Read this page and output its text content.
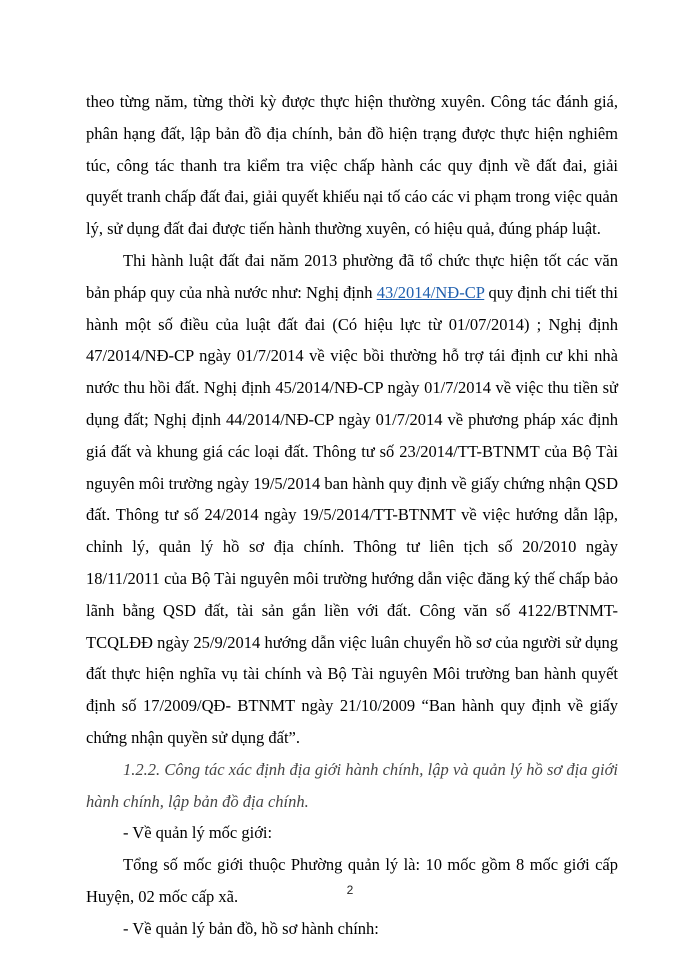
theo từng năm, từng thời kỳ được thực hiện thường xuyên. Công tác đánh giá, phân hạng đất, lập bản đồ địa chính, bản đồ hiện trạng được thực hiện nghiêm túc, công tác thanh tra kiểm tra việc chấp hành các quy định về đất đai, giải quyết tranh chấp đất đai, giải quyết khiếu nại tố cáo các vi phạm trong việc quản lý, sử dụng đất đai được tiến hành thường xuyên, có hiệu quả, đúng pháp luật.

Thi hành luật đất đai năm 2013 phường đã tổ chức thực hiện tốt các văn bản pháp quy của nhà nước như: Nghị định 43/2014/NĐ-CP quy định chi tiết thi hành một số điều của luật đất đai (Có hiệu lực từ 01/07/2014) ; Nghị định 47/2014/NĐ-CP ngày 01/7/2014 về việc bồi thường hỗ trợ tái định cư khi nhà nước thu hồi đất. Nghị định 45/2014/NĐ-CP ngày 01/7/2014 về việc thu tiền sử dụng đất; Nghị định 44/2014/NĐ-CP ngày 01/7/2014 về phương pháp xác định giá đất và khung giá các loại đất. Thông tư số 23/2014/TT-BTNMT của Bộ Tài nguyên môi trường ngày 19/5/2014 ban hành quy định về giấy chứng nhận QSD đất. Thông tư số 24/2014 ngày 19/5/2014/TT-BTNMT về việc hướng dẫn lập, chỉnh lý, quản lý hồ sơ địa chính. Thông tư liên tịch số 20/2010 ngày 18/11/2011 của Bộ Tài nguyên môi trường hướng dẫn việc đăng ký thế chấp bảo lãnh bằng QSD đất, tài sản gắn liền với đất. Công văn số 4122/BTNMT-TCQLĐĐ ngày 25/9/2014 hướng dẫn việc luân chuyển hồ sơ của người sử dụng đất thực hiện nghĩa vụ tài chính và Bộ Tài nguyên Môi trường ban hành quyết định số 17/2009/QĐ- BTNMT ngày 21/10/2009 “Ban hành quy định về giấy chứng nhận quyền sử dụng đất”.

1.2.2. Công tác xác định địa giới hành chính, lập và quản lý hồ sơ địa giới hành chính, lập bản đồ địa chính.

- Về quản lý mốc giới:

Tổng số mốc giới thuộc Phường quản lý là: 10 mốc gồm 8 mốc giới cấp Huyện, 02 mốc cấp xã.

- Về quản lý bản đồ, hồ sơ hành chính:

2
